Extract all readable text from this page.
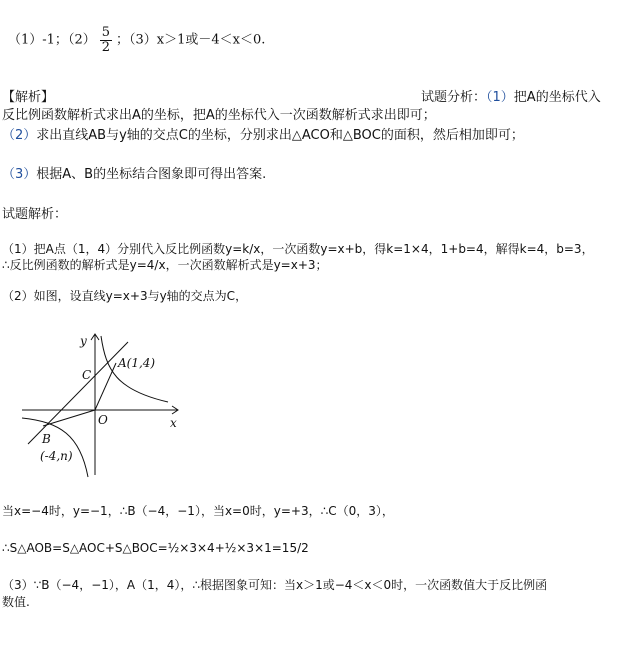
（1）-1；$(2) \frac{5}{2}$ ；（3）x＞1或－4＜x＜0.
【解析】	试题分析：（1）把A的坐标代入
反比例函数解析式求出A的坐标，把A的坐标代入一次函数解析式求出即可；
（2）求出直线AB与y轴的交点C的坐标，分别求出△ACO和△BOC的面积，然后相加即可；
（3）根据A、B的坐标结合图象即可得出答案.
试题解析：
（1）把A点（1，4）分别代入反比例函数y=k/x，一次函数y=x+b，得k=1×4，1+b=4，解得k=4，b=3，
∴反比例函数的解析式是y=4/x，一次函数解析式是y=x+3；
（2）如图，设直线y=x+3与y轴的交点为C，
y
x
C
A(1,4)
O
B
(-4,n)
当x=−4时，y=−1，∴B（−4，−1），当x=0时，y=+3，∴C（0，3），
∴S△AOB=S△AOC+S△BOC=½×3×4+½×3×1=15/2
（3）∵B（−4，−1），A（1，4），∴根据图象可知：当x＞1或−4＜x＜0时，一次函数值大于反比例函
数值.
